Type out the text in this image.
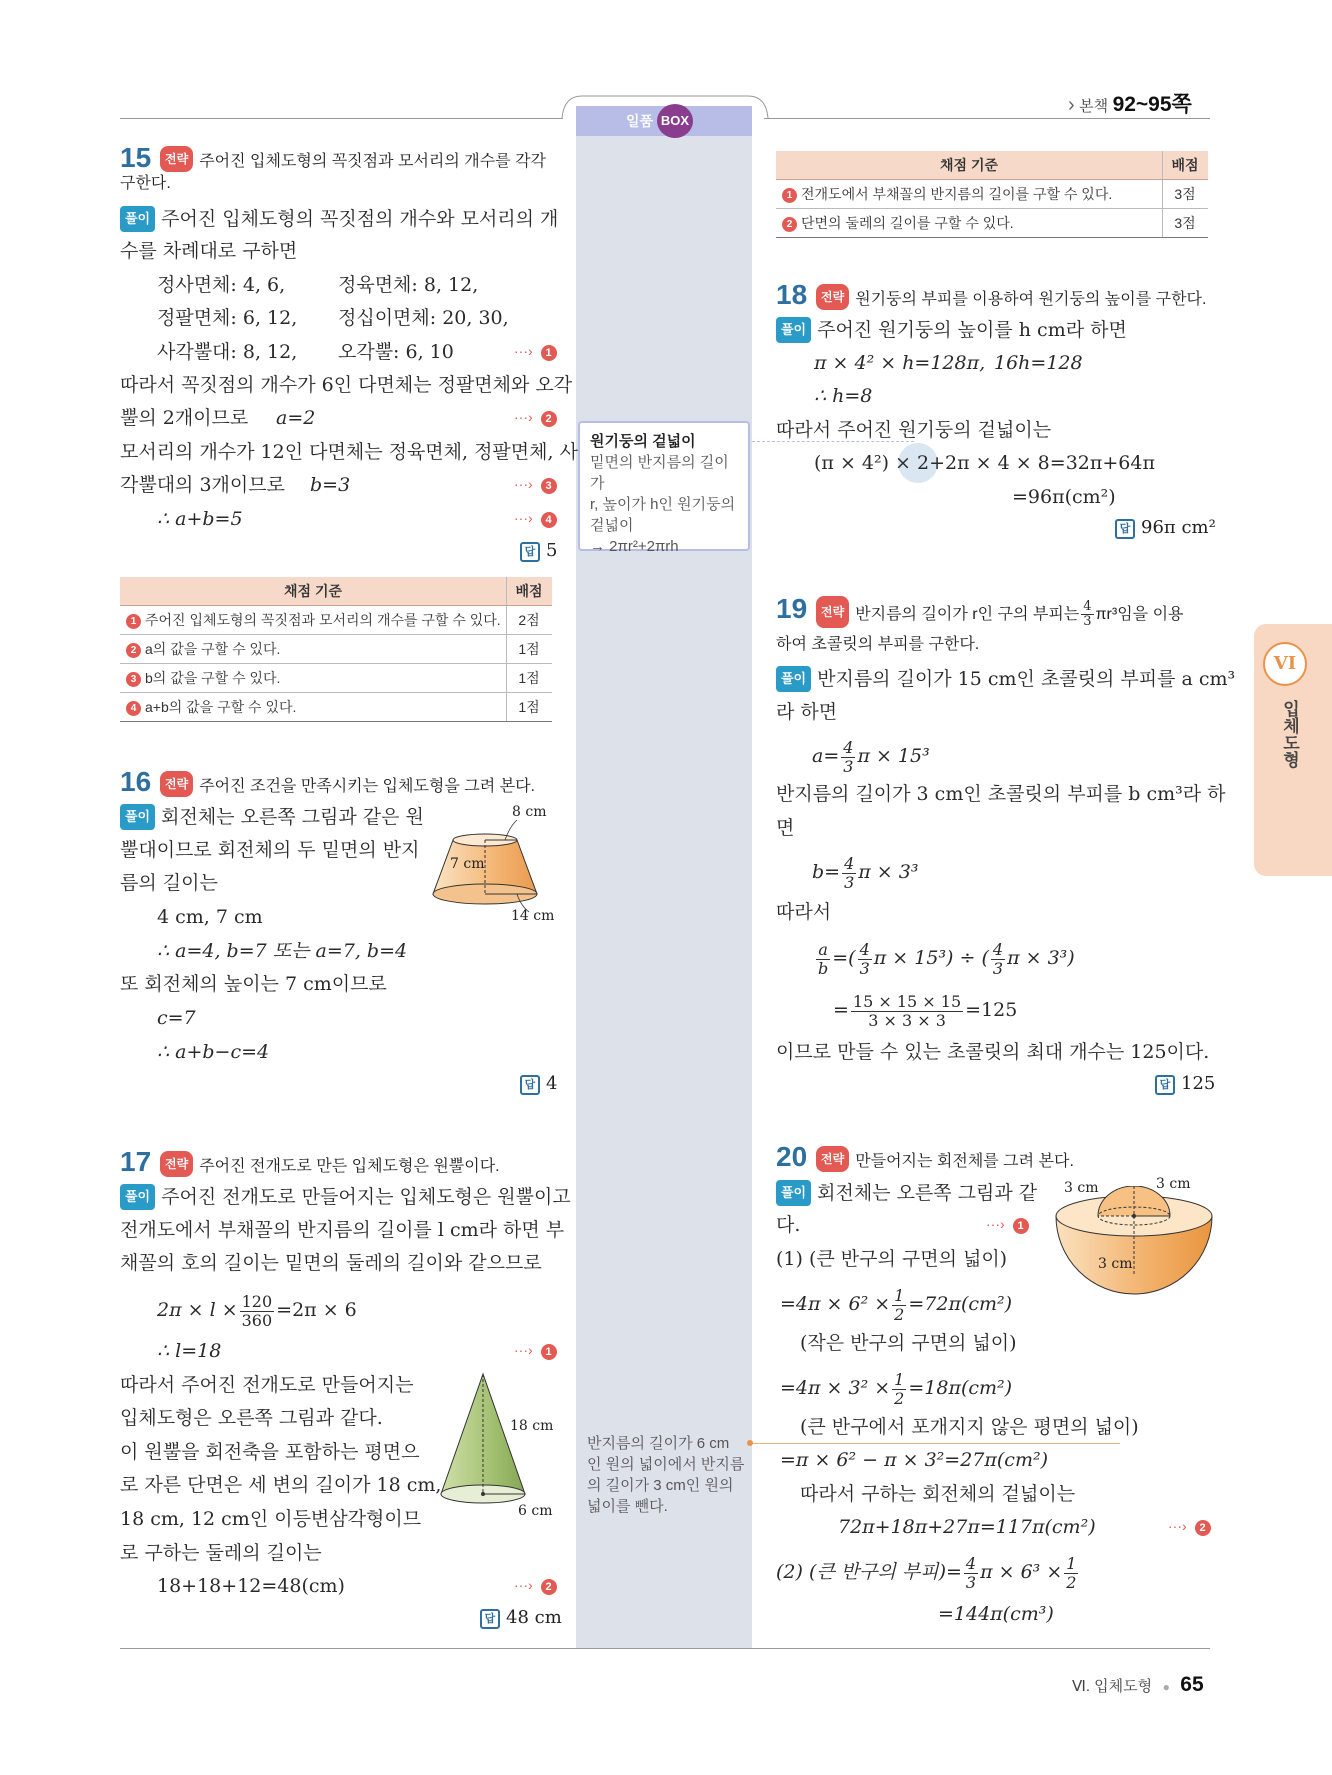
일품 BOX
› 본책 92~95쪽
15	전략 주어진 입체도형의 꼭짓점과 모서리의 개수를 각각
구한다.
풀이 주어진 입체도형의 꼭짓점의 개수와 모서리의 개
수를 차례대로 구하면
정사면체: 4, 6,	정육면체: 8, 12,
정팔면체: 6, 12, 정십이면체: 20, 30,
사각뿔대: 8, 12, 오각뿔: 6, 10	···› 1
따라서 꼭짓점의 개수가 6인 다면체는 정팔면체와 오각
뿔의 2개이므로 a=2	···› 2
모서리의 개수가 12인 다면체는 정육면체, 정팔면체, 사
각뿔대의 3개이므로 b=3	···› 3
∴ a+b=5	···› 4
답 5
채점 기준	배점
1 주어진 입체도형의 꼭짓점과 모서리의 개수를 구할 수 있다.	2점
2 a의 값을 구할 수 있다.	1점
3 b의 값을 구할 수 있다.	1점
4 a+b의 값을 구할 수 있다.	1점
16	전략 주어진 조건을 만족시키는 입체도형을 그려 본다.
풀이 회전체는 오른쪽 그림과 같은 원
뿔대이므로 회전체의 두 밑면의 반지
름의 길이는
4 cm, 7 cm
∴ a=4, b=7 또는 a=7, b=4
또 회전체의 높이는 7 cm이므로
c=7
∴ a+b−c=4
답 4
8 cm
7 cm
14 cm
17	전략 주어진 전개도로 만든 입체도형은 원뿔이다.
풀이 주어진 전개도로 만들어지는 입체도형은 원뿔이고
전개도에서 부채꼴의 반지름의 길이를 l cm라 하면 부
채꼴의 호의 길이는 밑면의 둘레의 길이와 같으므로
$2\pi \times l \times \frac{120}{360} =2\pi \times 6$
∴ l=18	···› 1
따라서 주어진 전개도로 만들어지는
입체도형은 오른쪽 그림과 같다.
이 원뿔을 회전축을 포함하는 평면으
로 자른 단면은 세 변의 길이가 18 cm,
18 cm, 12 cm인 이등변삼각형이므
로 구하는 둘레의 길이는
18+18+12=48(cm)	···› 2
답 48 cm
18 cm
6 cm
원기둥의 겉넓이
밑면의 반지름의 길이가
r, 높이가 h인 원기둥의
겉넓이
→ 2πr²+2πrh
반지름의 길이가 6 cm
인 원의 넓이에서 반지름
의 길이가 3 cm인 원의
넓이를 뺀다.
채점 기준	배점
1 전개도에서 부채꼴의 반지름의 길이를 구할 수 있다.	3점
2 단면의 둘레의 길이를 구할 수 있다.	3점
18	전략 원기둥의 부피를 이용하여 원기둥의 높이를 구한다.
풀이 주어진 원기둥의 높이를 h cm라 하면
π × 4² × h=128π, 16h=128
∴ h=8
따라서 주어진 원기둥의 겉넓이는
(π × 4²) × 2+2π × 4 × 8=32π+64π
=96π(cm²)
답 96π cm²
19	전략 반지름의 길이가 r인 구의 부피는 $\frac{4}{3} \pi r^3$임을 이용
하여 초콜릿의 부피를 구한다.
풀이 반지름의 길이가 15 cm인 초콜릿의 부피를 a cm³
라 하면
$a= \frac{4}{3}$ π × 15³
반지름의 길이가 3 cm인 초콜릿의 부피를 b cm³라 하
면
$b= \frac{4}{3}$ π × 3³
따라서
$\frac{a}{b}$ =( $\frac{4}{3}$ π × 15³) ÷ ( $\frac{4}{3}$ π × 3³)
= $\frac{15 \times 15 \times 15}{3 \times 3 \times 3} =125$
이므로 만들 수 있는 초콜릿의 최대 개수는 125이다.
답 125
20	전략 만들어지는 회전체를 그려 본다.
풀이 회전체는 오른쪽 그림과 같
다.	···› 1
(1) (큰 반구의 구면의 넓이)
$=4\pi \times 6^2 \times \frac{1}{2} =72\pi(cm^2)$
(작은 반구의 구면의 넓이)
$=4\pi \times 3^2 \times \frac{1}{2} =18\pi(cm^2)$
(큰 반구에서 포개지지 않은 평면의 넓이)
=π × 6² − π × 3²=27π(cm²)
따라서 구하는 회전체의 겉넓이는
72π+18π+27π=117π(cm²)	···› 2
(2) (큰 반구의 부피)= $\frac{4}{3}$ $\pi \times 6^3 \times \frac{1}{2}$
=144π(cm³)
3 cm	3 cm
3 cm
VI
입체도형
Ⅵ. 입체도형 ● 65
